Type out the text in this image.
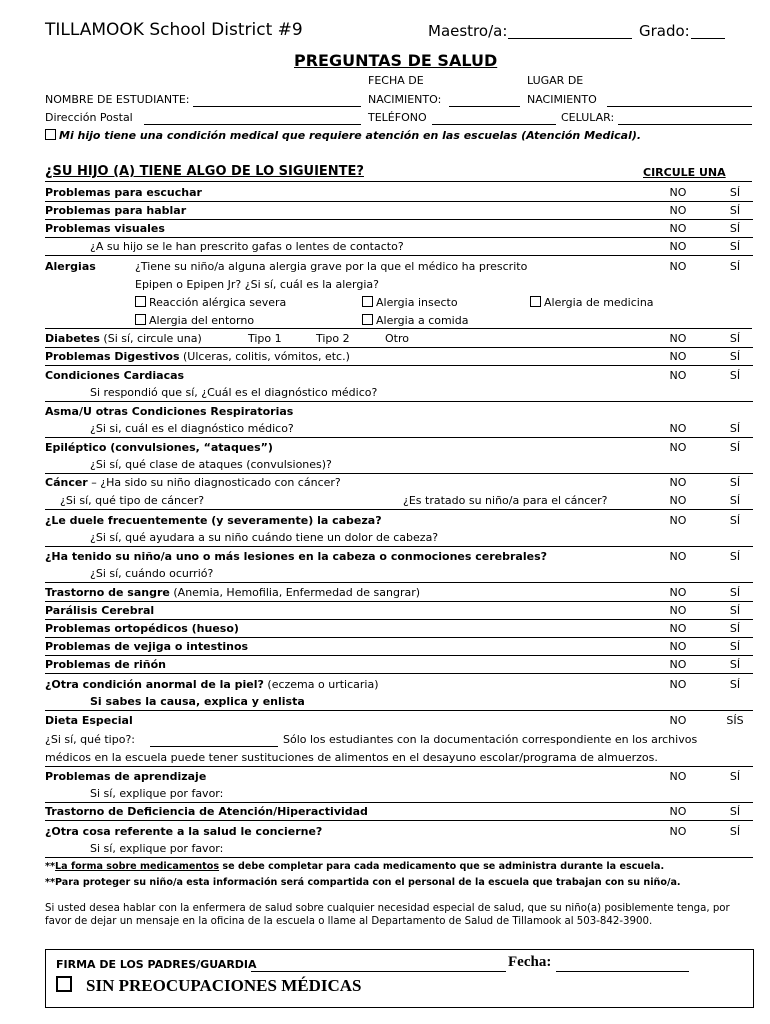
TILLAMOOK School District #9	Maestro/a:	Grado:
PREGUNTAS DE SALUD
FECHA DE	LUGAR DE
NOMBRE DE ESTUDIANTE:	NACIMIENTO:	NACIMIENTO
Dirección Postal	TELÉFONO	CELULAR:
Mi hijo tiene una condición medical que requiere atención en las escuelas (Atención Medical).
¿SU HIJO (A) TIENE ALGO DE LO SIGUIENTE?	CIRCULE UNA
Problemas para escuchar	NO	SÍ
Problemas para hablar	NO	SÍ
Problemas visuales	NO	SÍ
¿A su hijo se le han prescrito gafas o lentes de contacto?	NO	SÍ
Alergias	¿Tiene su niño/a alguna alergia grave por la que el médico ha prescrito	NO	SÍ
Epipen o Epipen Jr? ¿Si sí, cuál es la alergia?
Reacción alérgica severa	Alergia insecto	Alergia de medicina
Alergia del entorno	Alergia a comida
Diabetes (Si sí, circule una)	Tipo 1	Tipo 2	Otro	NO	SÍ
Problemas Digestivos (Ulceras, colitis, vómitos, etc.)	NO	SÍ
Condiciones Cardiacas	NO	SÍ
Si respondió que sí, ¿Cuál es el diagnóstico médico?
Asma/U otras Condiciones Respiratorias
¿Si si, cuál es el diagnóstico médico?	NO	SÍ
Epiléptico (convulsiones, “ataques”)	NO	SÍ
¿Si sí, qué clase de ataques (convulsiones)?
Cáncer – ¿Ha sido su niño diagnosticado con cáncer?	NO	SÍ
¿Si sí, qué tipo de cáncer?	¿Es tratado su niño/a para el cáncer?	NO	SÍ
¿Le duele frecuentemente (y severamente) la cabeza?	NO	SÍ
¿Si sí, qué ayudara a su niño cuándo tiene un dolor de cabeza?
¿Ha tenido su niño/a uno o más lesiones en la cabeza o conmociones cerebrales?	NO	SÍ
¿Si sí, cuándo ocurrió?
Trastorno de sangre (Anemia, Hemofilia, Enfermedad de sangrar)	NO	SÍ
Parálisis Cerebral	NO	SÍ
Problemas ortopédicos (hueso)	NO	SÍ
Problemas de vejiga o intestinos	NO	SÍ
Problemas de riñón	NO	SÍ
¿Otra condición anormal de la piel? (eczema o urticaria)	NO	SÍ
Si sabes la causa, explica y enlista
Dieta Especial	NO	SÍS
¿Si sí, qué tipo?:	Sólo los estudiantes con la documentación correspondiente en los archivos
médicos en la escuela puede tener sustituciones de alimentos en el desayuno escolar/programa de almuerzos.
Problemas de aprendizaje	NO	SÍ
Si sí, explique por favor:
Trastorno de Deficiencia de Atención/Hiperactividad	NO	SÍ
¿Otra cosa referente a la salud le concierne?	NO	SÍ
Si sí, explique por favor:
**La forma sobre medicamentos se debe completar para cada medicamento que se administra durante la escuela.
**Para proteger su niño/a esta información será compartida con el personal de la escuela que trabajan con su niño/a.
Si usted desea hablar con la enfermera de salud sobre cualquier necesidad especial de salud, que su niño(a) posiblemente tenga, por favor de dejar un mensaje en la oficina de la escuela o llame al Departamento de Salud de Tillamook al 503-842-3900.
FIRMA DE LOS PADRES/GUARDIA	Fecha:
SIN PREOCUPACIONES MÉDICAS
